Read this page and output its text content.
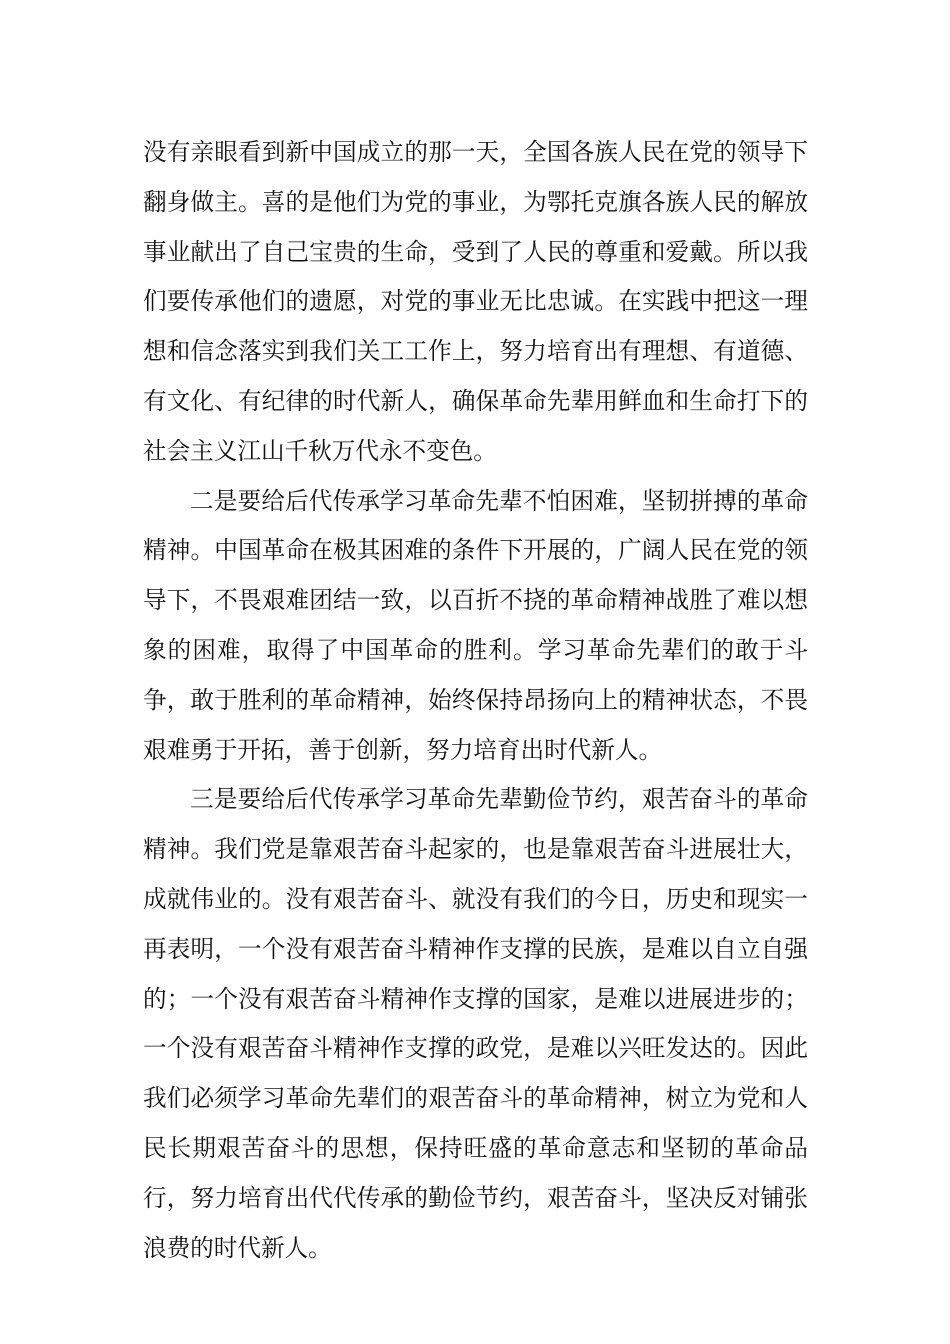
没有亲眼看到新中国成立的那一天，全国各族人民在党的领导下翻身做主。喜的是他们为党的事业，为鄂托克旗各族人民的解放事业献出了自己宝贵的生命，受到了人民的尊重和爱戴。所以我们要传承他们的遗愿，对党的事业无比忠诚。在实践中把这一理想和信念落实到我们关工工作上，努力培育出有理想、有道德、有文化、有纪律的时代新人，确保革命先辈用鲜血和生命打下的社会主义江山千秋万代永不变色。

二是要给后代传承学习革命先辈不怕困难，坚韧拼搏的革命精神。中国革命在极其困难的条件下开展的，广阔人民在党的领导下，不畏艰难团结一致，以百折不挠的革命精神战胜了难以想象的困难，取得了中国革命的胜利。学习革命先辈们的敢于斗争，敢于胜利的革命精神，始终保持昂扬向上的精神状态，不畏艰难勇于开拓，善于创新，努力培育出时代新人。

三是要给后代传承学习革命先辈勤俭节约，艰苦奋斗的革命精神。我们党是靠艰苦奋斗起家的，也是靠艰苦奋斗进展壮大，成就伟业的。没有艰苦奋斗、就没有我们的今日，历史和现实一再表明，一个没有艰苦奋斗精神作支撑的民族，是难以自立自强的；一个没有艰苦奋斗精神作支撑的国家，是难以进展进步的；一个没有艰苦奋斗精神作支撑的政党，是难以兴旺发达的。因此我们必须学习革命先辈们的艰苦奋斗的革命精神，树立为党和人民长期艰苦奋斗的思想，保持旺盛的革命意志和坚韧的革命品行，努力培育出代代传承的勤俭节约，艰苦奋斗，坚决反对铺张浪费的时代新人。
